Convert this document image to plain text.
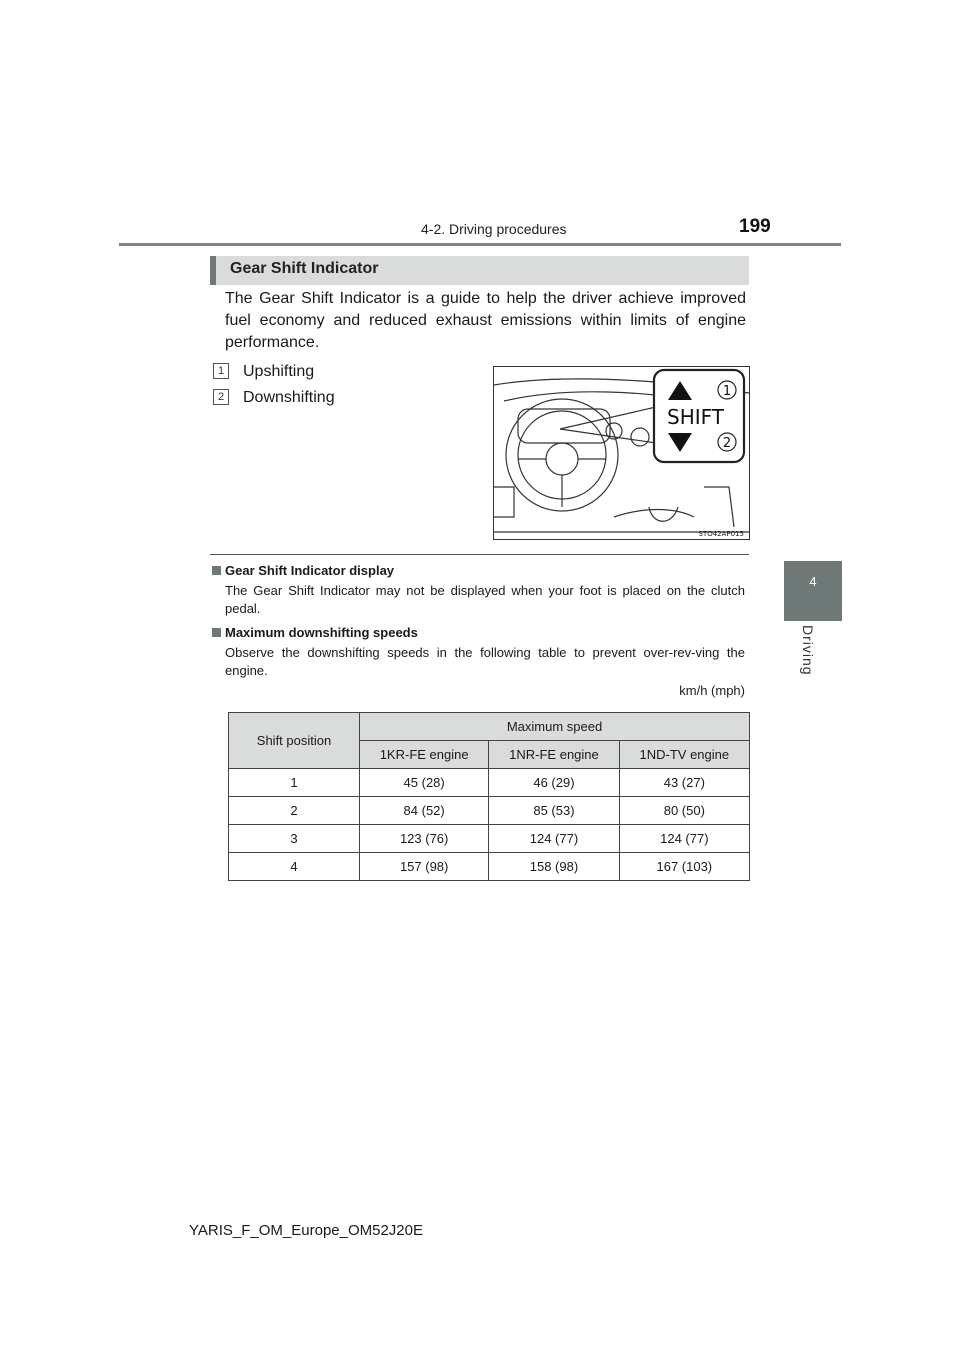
4-2. Driving procedures	199
4
Driving
Gear Shift Indicator
The Gear Shift Indicator is a guide to help the driver achieve improved fuel economy and reduced exhaust emissions within limits of engine performance.
1	Upshifting
2	Downshifting
SHIFT
1
2
STO42AP015
Gear Shift Indicator display
The Gear Shift Indicator may not be displayed when your foot is placed on the clutch pedal.
Maximum downshifting speeds
Observe the downshifting speeds in the following table to prevent over-rev-ving the engine.
km/h (mph)
Shift position	Maximum speed		
	1KR-FE engine	1NR-FE engine	1ND-TV engine
1	45 (28)	46 (29)	43 (27)
2	84 (52)	85 (53)	80 (50)
3	123 (76)	124 (77)	124 (77)
4	157 (98)	158 (98)	167 (103)
YARIS_F_OM_Europe_OM52J20E
